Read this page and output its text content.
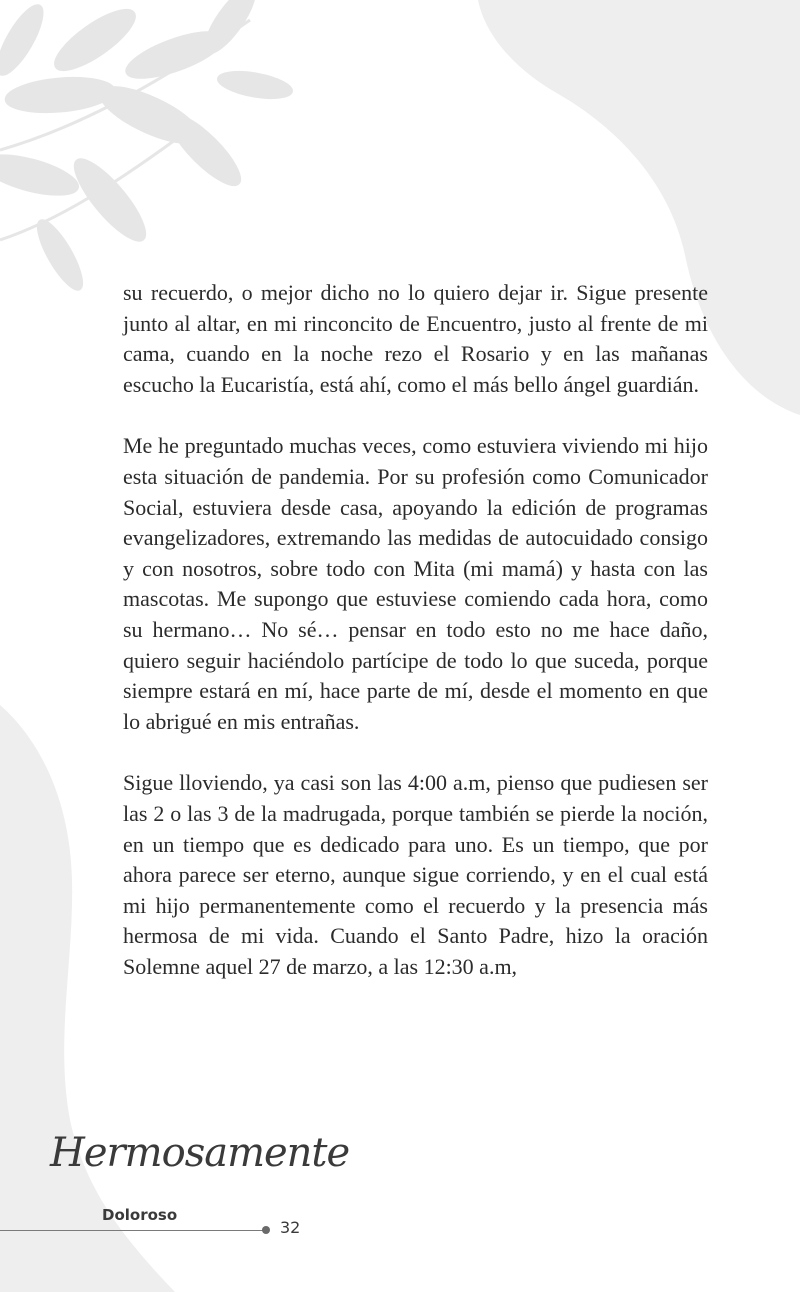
su recuerdo, o mejor dicho no lo quiero dejar ir. Sigue presente junto al altar, en mi rinconcito de Encuentro, justo al frente de mi cama, cuando en la noche rezo el Rosario y en las mañanas escucho la Eucaristía, está ahí, como el más bello ángel guardián.

Me he preguntado muchas veces, como estuviera viviendo mi hijo esta situación de pandemia. Por su profesión como Comunicador Social, estuviera desde casa, apoyando la edición de programas evangelizadores, extremando las medidas de autocuidado consigo y con nosotros, sobre todo con Mita (mi mamá) y hasta con las mascotas. Me supongo que estuviese comiendo cada hora, como su hermano… No sé… pensar en todo esto no me hace daño, quiero seguir haciéndolo partícipe de todo lo que suceda, porque siempre estará en mí, hace parte de mí, desde el momento en que lo abrigué en mis entrañas.

Sigue lloviendo, ya casi son las 4:00 a.m, pienso que pudiesen ser las 2 o las 3 de la madrugada, porque también se pierde la noción, en un tiempo que es dedicado para uno. Es un tiempo, que por ahora parece ser eterno, aunque sigue corriendo, y en el cual está mi hijo permanentemente como el recuerdo y la presencia más hermosa de mi vida. Cuando el Santo Padre, hizo la oración Solemne aquel 27 de marzo, a las 12:30 a.m,

Hermosamente
Doloroso
32
